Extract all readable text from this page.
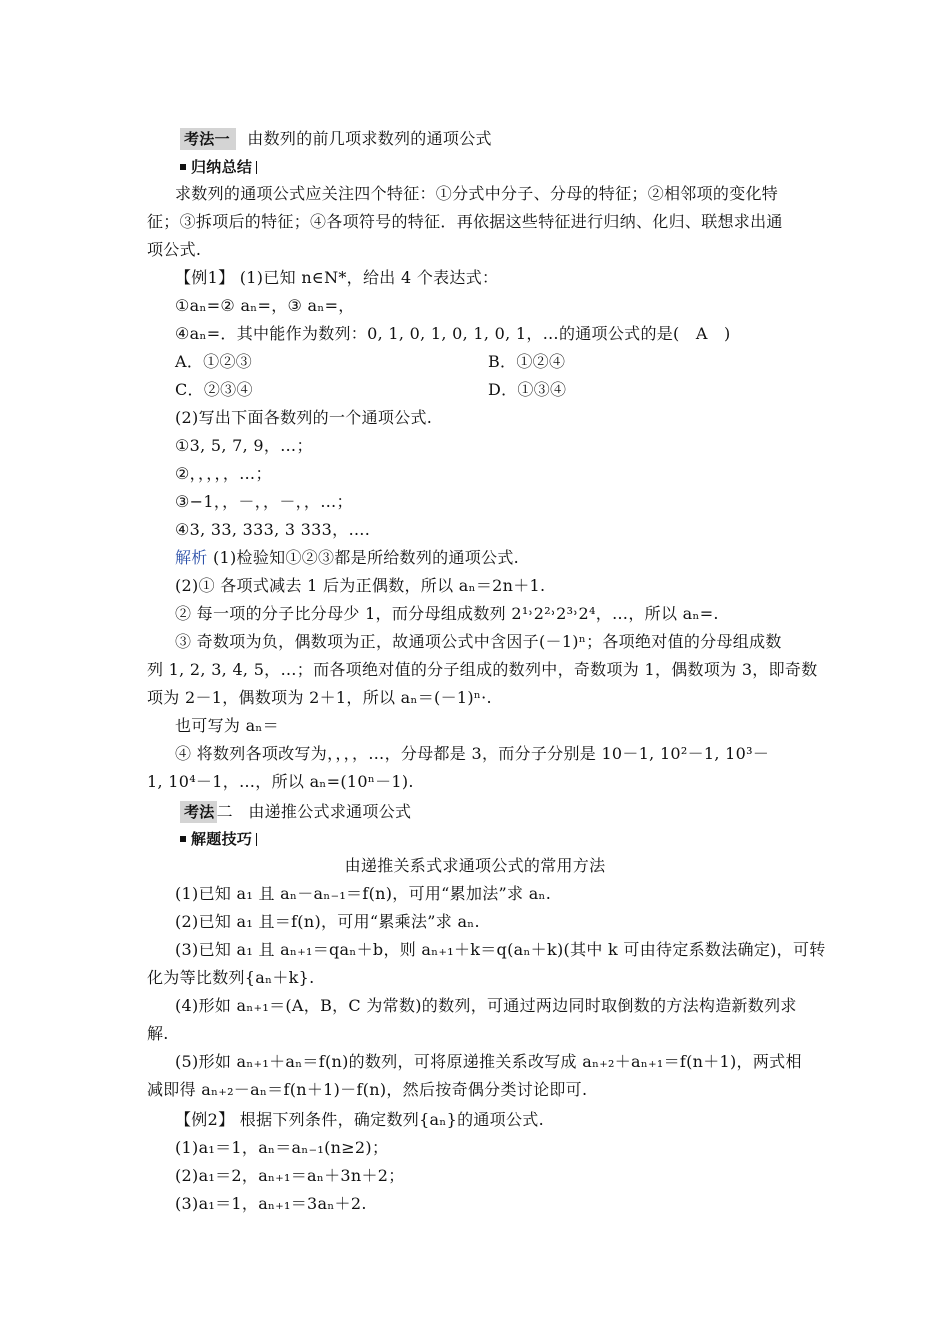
考法一 由数列的前几项求数列的通项公式
归纳总结
求数列的通项公式应关注四个特征：①分式中分子、分母的特征；②相邻项的变化特
征；③拆项后的特征；④各项符号的特征．再依据这些特征进行归纳、化归、联想求出通
项公式.
【例1】 (1)已知 n∈N*，给出 4 个表达式：
①aₙ=② aₙ=，③ aₙ=，
④aₙ=．其中能作为数列：0, 1, 0, 1, 0, 1, 0, 1，…的通项公式的是(　A　)
A．①②③	B．①②④
C．②③④	D．①③④
(2)写出下面各数列的一个通项公式.
①3, 5, 7, 9，…；
②，，，，，…；
③−1，，－，，－，，…；
④3, 33, 333, 3 333，….
解析 (1)检验知①②③都是所给数列的通项公式.
(2)① 各项式减去 1 后为正偶数，所以 aₙ＝2n＋1.
② 每一项的分子比分母少 1，而分母组成数列 2¹˒2²˒2³˒2⁴，…，所以 aₙ=.
③ 奇数项为负，偶数项为正，故通项公式中含因子(－1)ⁿ；各项绝对值的分母组成数
列 1, 2, 3, 4, 5，…；而各项绝对值的分子组成的数列中，奇数项为 1，偶数项为 3，即奇数
项为 2－1，偶数项为 2＋1，所以 aₙ＝(－1)ⁿ·.
也可写为 aₙ＝
④ 将数列各项改写为，，，，…，分母都是 3，而分子分别是 10－1, 10²－1, 10³－
1, 10⁴－1，…，所以 aₙ=(10ⁿ－1).
考法 二 由递推公式求通项公式
解题技巧
由递推关系式求通项公式的常用方法
(1)已知 a₁ 且 aₙ－aₙ₋₁＝f(n)，可用“累加法”求 aₙ.
(2)已知 a₁ 且＝f(n)，可用“累乘法”求 aₙ.
(3)已知 a₁ 且 aₙ₊₁＝qaₙ＋b，则 aₙ₊₁＋k＝q(aₙ＋k)(其中 k 可由待定系数法确定)，可转
化为等比数列{aₙ＋k}.
(4)形如 aₙ₊₁＝(A，B，C 为常数)的数列，可通过两边同时取倒数的方法构造新数列求
解.
(5)形如 aₙ₊₁＋aₙ＝f(n)的数列，可将原递推关系改写成 aₙ₊₂＋aₙ₊₁＝f(n＋1)，两式相
减即得 aₙ₊₂－aₙ＝f(n＋1)－f(n)，然后按奇偶分类讨论即可.
【例2】 根据下列条件，确定数列{aₙ}的通项公式.
(1)a₁＝1，aₙ＝aₙ₋₁(n≥2)；
(2)a₁＝2，aₙ₊₁＝aₙ＋3n＋2；
(3)a₁＝1，aₙ₊₁＝3aₙ＋2.
